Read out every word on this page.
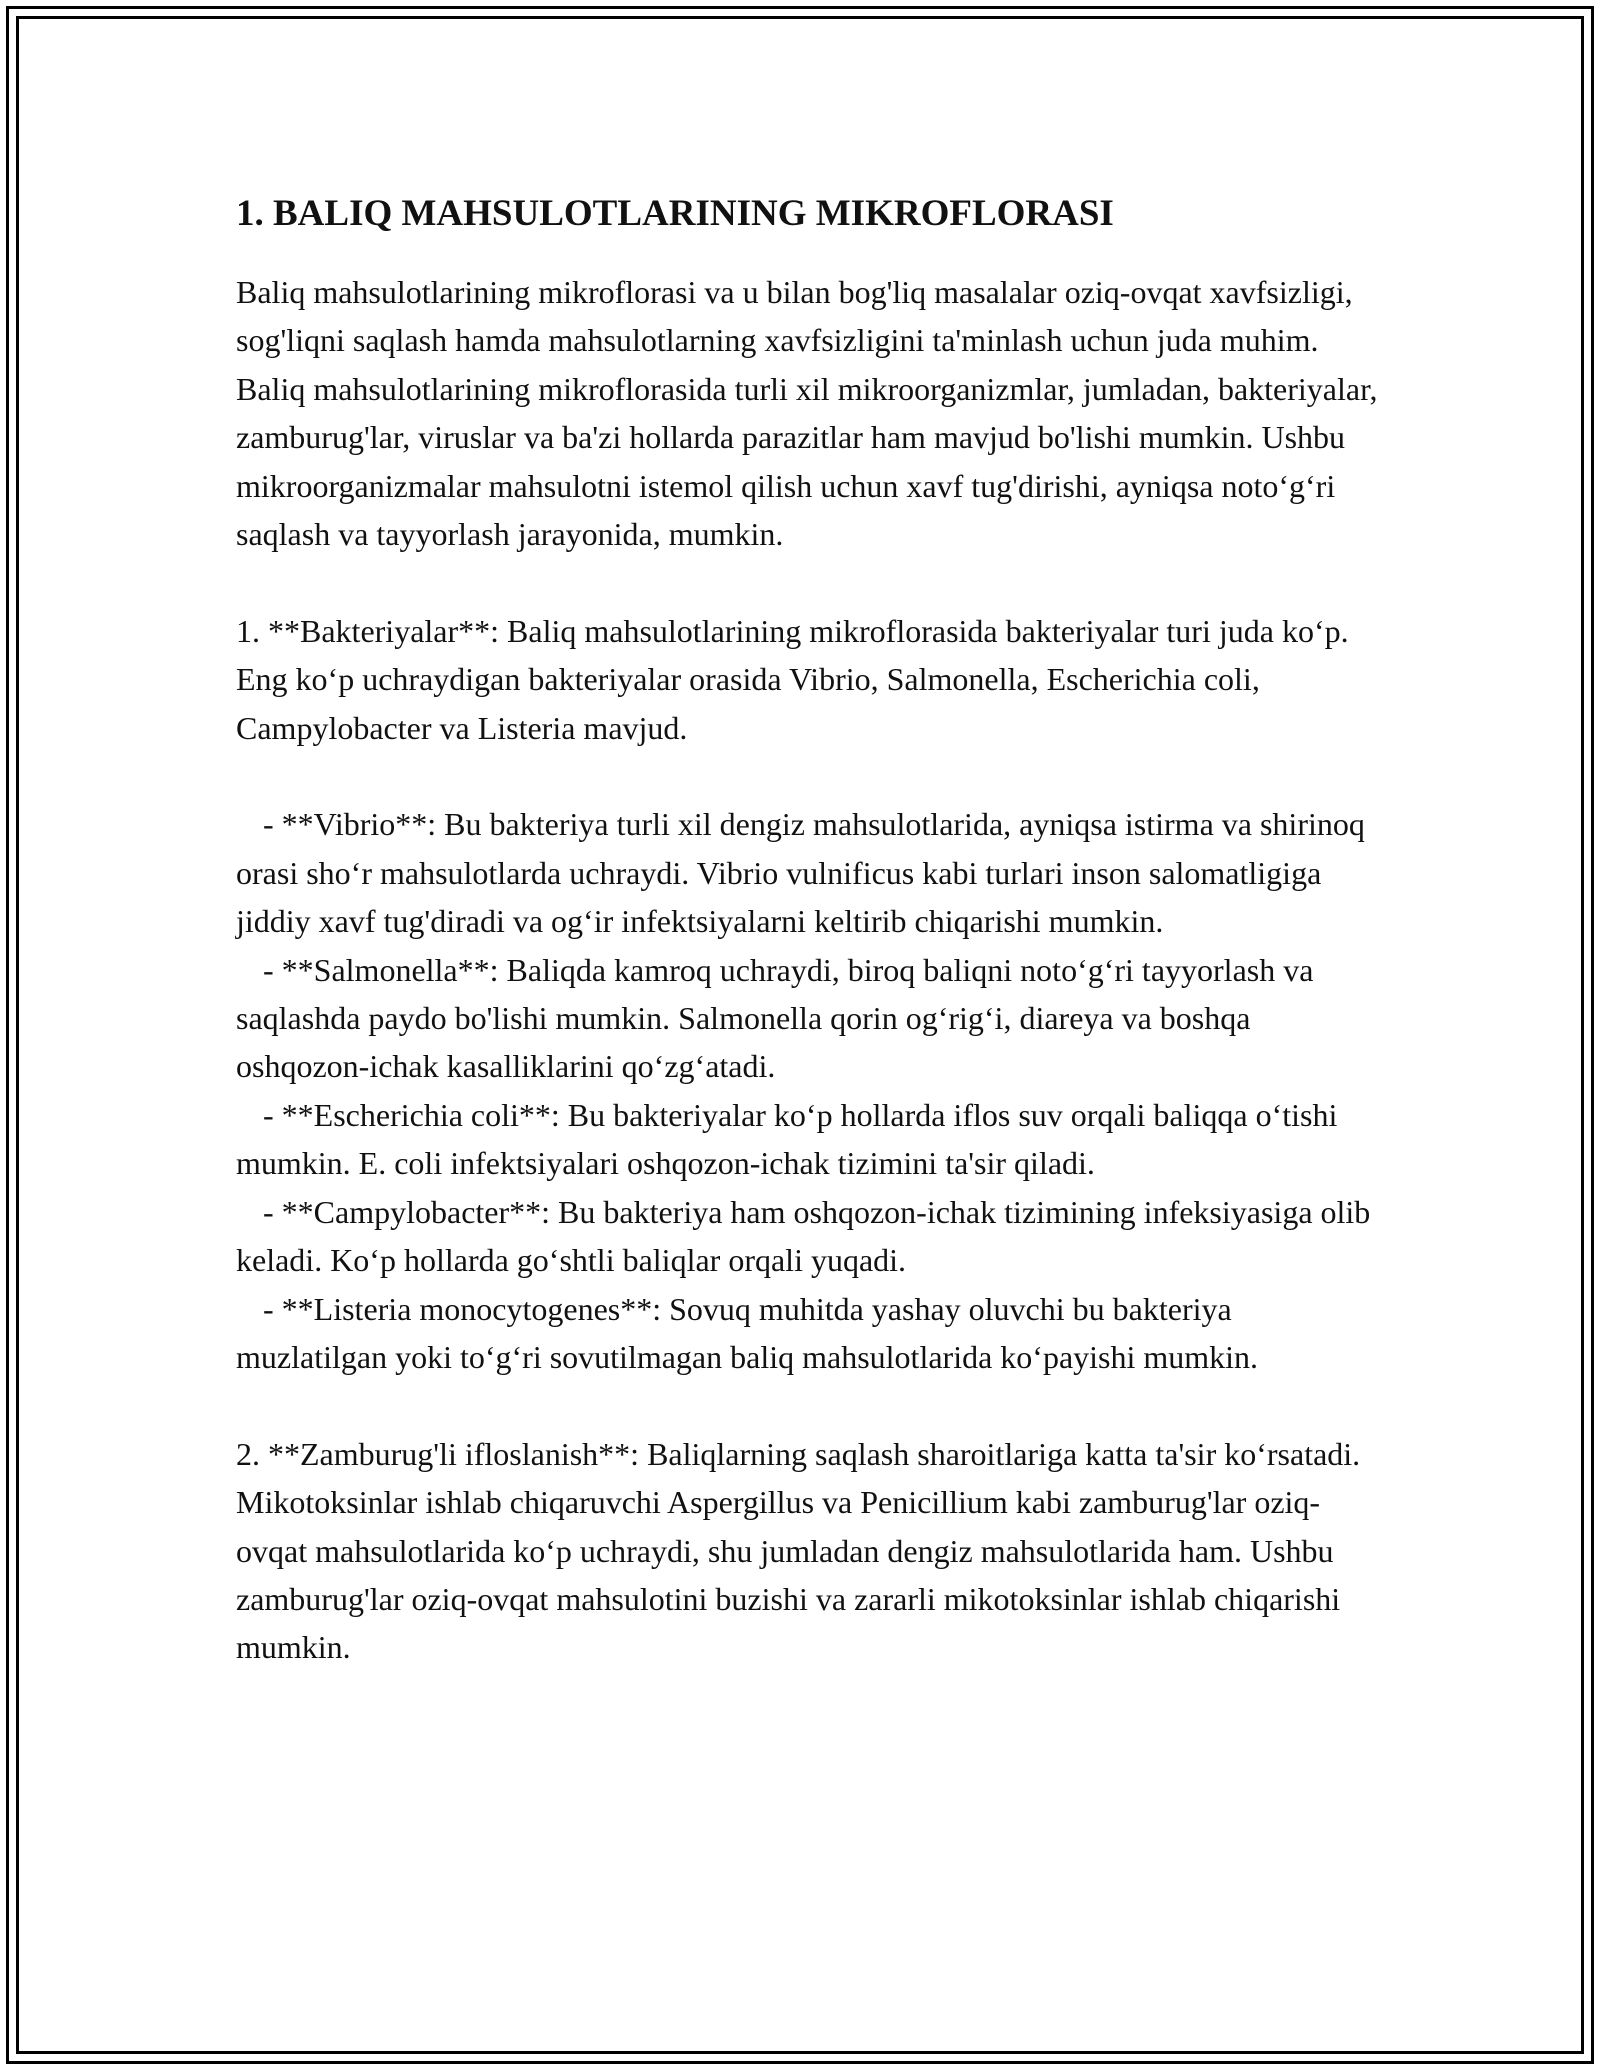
1. BALIQ MAHSULOTLARINING MIKROFLORASI

Baliq mahsulotlarining mikroflorasi va u bilan bog'liq masalalar oziq-ovqat xavfsizligi, sog'liqni saqlash hamda mahsulotlarning xavfsizligini ta'minlash uchun juda muhim. Baliq mahsulotlarining mikroflorasida turli xil mikroorganizmlar, jumladan, bakteriyalar, zamburug'lar, viruslar va ba'zi hollarda parazitlar ham mavjud bo'lishi mumkin. Ushbu mikroorganizmalar mahsulotni istemol qilish uchun xavf tug'dirishi, ayniqsa noto‘g‘ri saqlash va tayyorlash jarayonida, mumkin.

1. **Bakteriyalar**: Baliq mahsulotlarining mikroflorasida bakteriyalar turi juda ko‘p. Eng ko‘p uchraydigan bakteriyalar orasida Vibrio, Salmonella, Escherichia coli, Campylobacter va Listeria mavjud.

- **Vibrio**: Bu bakteriya turli xil dengiz mahsulotlarida, ayniqsa istirma va shirinoq orasi sho‘r mahsulotlarda uchraydi. Vibrio vulnificus kabi turlari inson salomatligiga jiddiy xavf tug'diradi va og‘ir infektsiyalarni keltirib chiqarishi mumkin.

- **Salmonella**: Baliqda kamroq uchraydi, biroq baliqni noto‘g‘ri tayyorlash va saqlashda paydo bo'lishi mumkin. Salmonella qorin og‘rig‘i, diareya va boshqa oshqozon-ichak kasalliklarini qo‘zg‘atadi.

- **Escherichia coli**: Bu bakteriyalar ko‘p hollarda iflos suv orqali baliqqa o‘tishi mumkin. E. coli infektsiyalari oshqozon-ichak tizimini ta'sir qiladi.

- **Campylobacter**: Bu bakteriya ham oshqozon-ichak tizimining infeksiyasiga olib keladi. Ko‘p hollarda go‘shtli baliqlar orqali yuqadi.

- **Listeria monocytogenes**: Sovuq muhitda yashay oluvchi bu bakteriya muzlatilgan yoki to‘g‘ri sovutilmagan baliq mahsulotlarida ko‘payishi mumkin.

2. **Zamburug'li ifloslanish**: Baliqlarning saqlash sharoitlariga katta ta'sir ko‘rsatadi. Mikotoksinlar ishlab chiqaruvchi Aspergillus va Penicillium kabi zamburug'lar oziq-ovqat mahsulotlarida ko‘p uchraydi, shu jumladan dengiz mahsulotlarida ham. Ushbu zamburug'lar oziq-ovqat mahsulotini buzishi va zararli mikotoksinlar ishlab chiqarishi mumkin.
